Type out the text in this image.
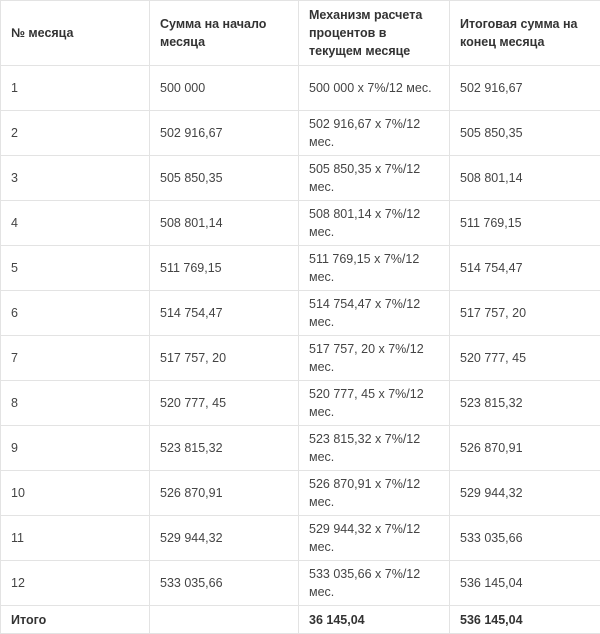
№ месяца	Сумма на начало месяца	Механизм расчета процентов в текущем месяце	Итоговая сумма на конец месяца
1	500 000	500 000 х 7%/12 мес.	502 916,67
2	502 916,67	502 916,67 х 7%/12 мес.	505 850,35
3	505 850,35	505 850,35 х 7%/12 мес.	508 801,14
4	508 801,14	508 801,14 х 7%/12 мес.	511 769,15
5	511 769,15	511 769,15 х 7%/12 мес.	514 754,47
6	514 754,47	514 754,47 х 7%/12 мес.	517 757, 20
7	517 757, 20	517 757, 20 х 7%/12 мес.	520 777, 45
8	520 777, 45	520 777, 45 х 7%/12 мес.	523 815,32
9	523 815,32	523 815,32 х 7%/12 мес.	526 870,91
10	526 870,91	526 870,91 х 7%/12 мес.	529 944,32
11	529 944,32	529 944,32 х 7%/12 мес.	533 035,66
12	533 035,66	533 035,66 х 7%/12 мес.	536 145,04
Итого		36 145,04	536 145,04
